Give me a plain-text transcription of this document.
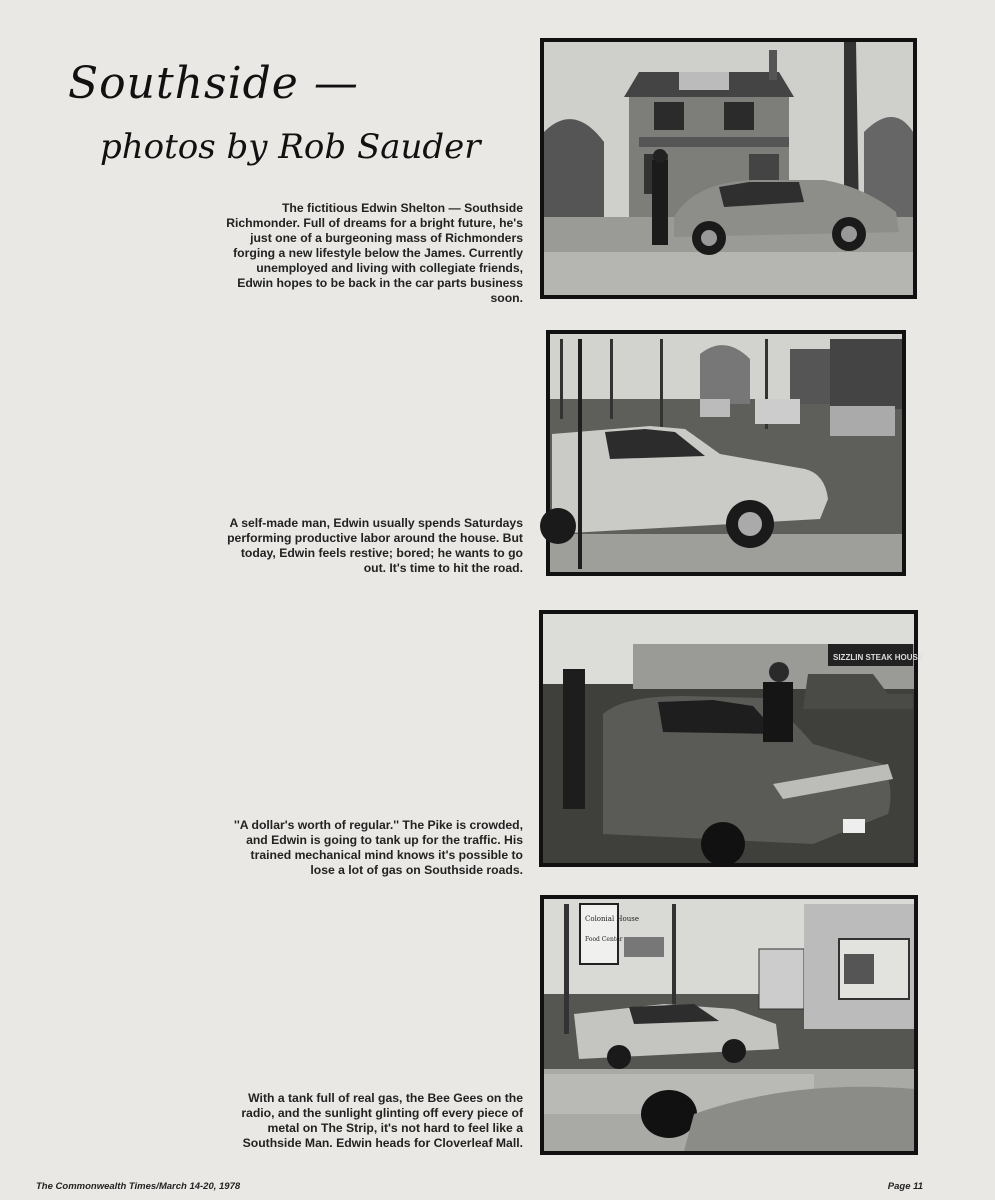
Southside —
photos by Rob Sauder
The fictitious Edwin Shelton — Southside Richmonder. Full of dreams for a bright future, he's just one of a burgeoning mass of Richmonders forging a new lifestyle below the James. Currently unemployed and living with collegiate friends, Edwin hopes to be back in the car parts business soon.
A self-made man, Edwin usually spends Saturdays performing productive labor around the house. But today, Edwin feels restive; bored; he wants to go out. It's time to hit the road.
''A dollar's worth of regular.'' The Pike is crowded, and Edwin is going to tank up for the traffic. His trained mechanical mind knows it's possible to lose a lot of gas on Southside roads.
SIZZLIN STEAK HOUSE
With a tank full of real gas, the Bee Gees on the radio, and the sunlight glinting off every piece of metal on The Strip, it's not hard to feel like a Southside Man. Edwin heads for Cloverleaf Mall.
Colonial House
Food Center
The Commonwealth Times/March 14-20, 1978	Page 11
